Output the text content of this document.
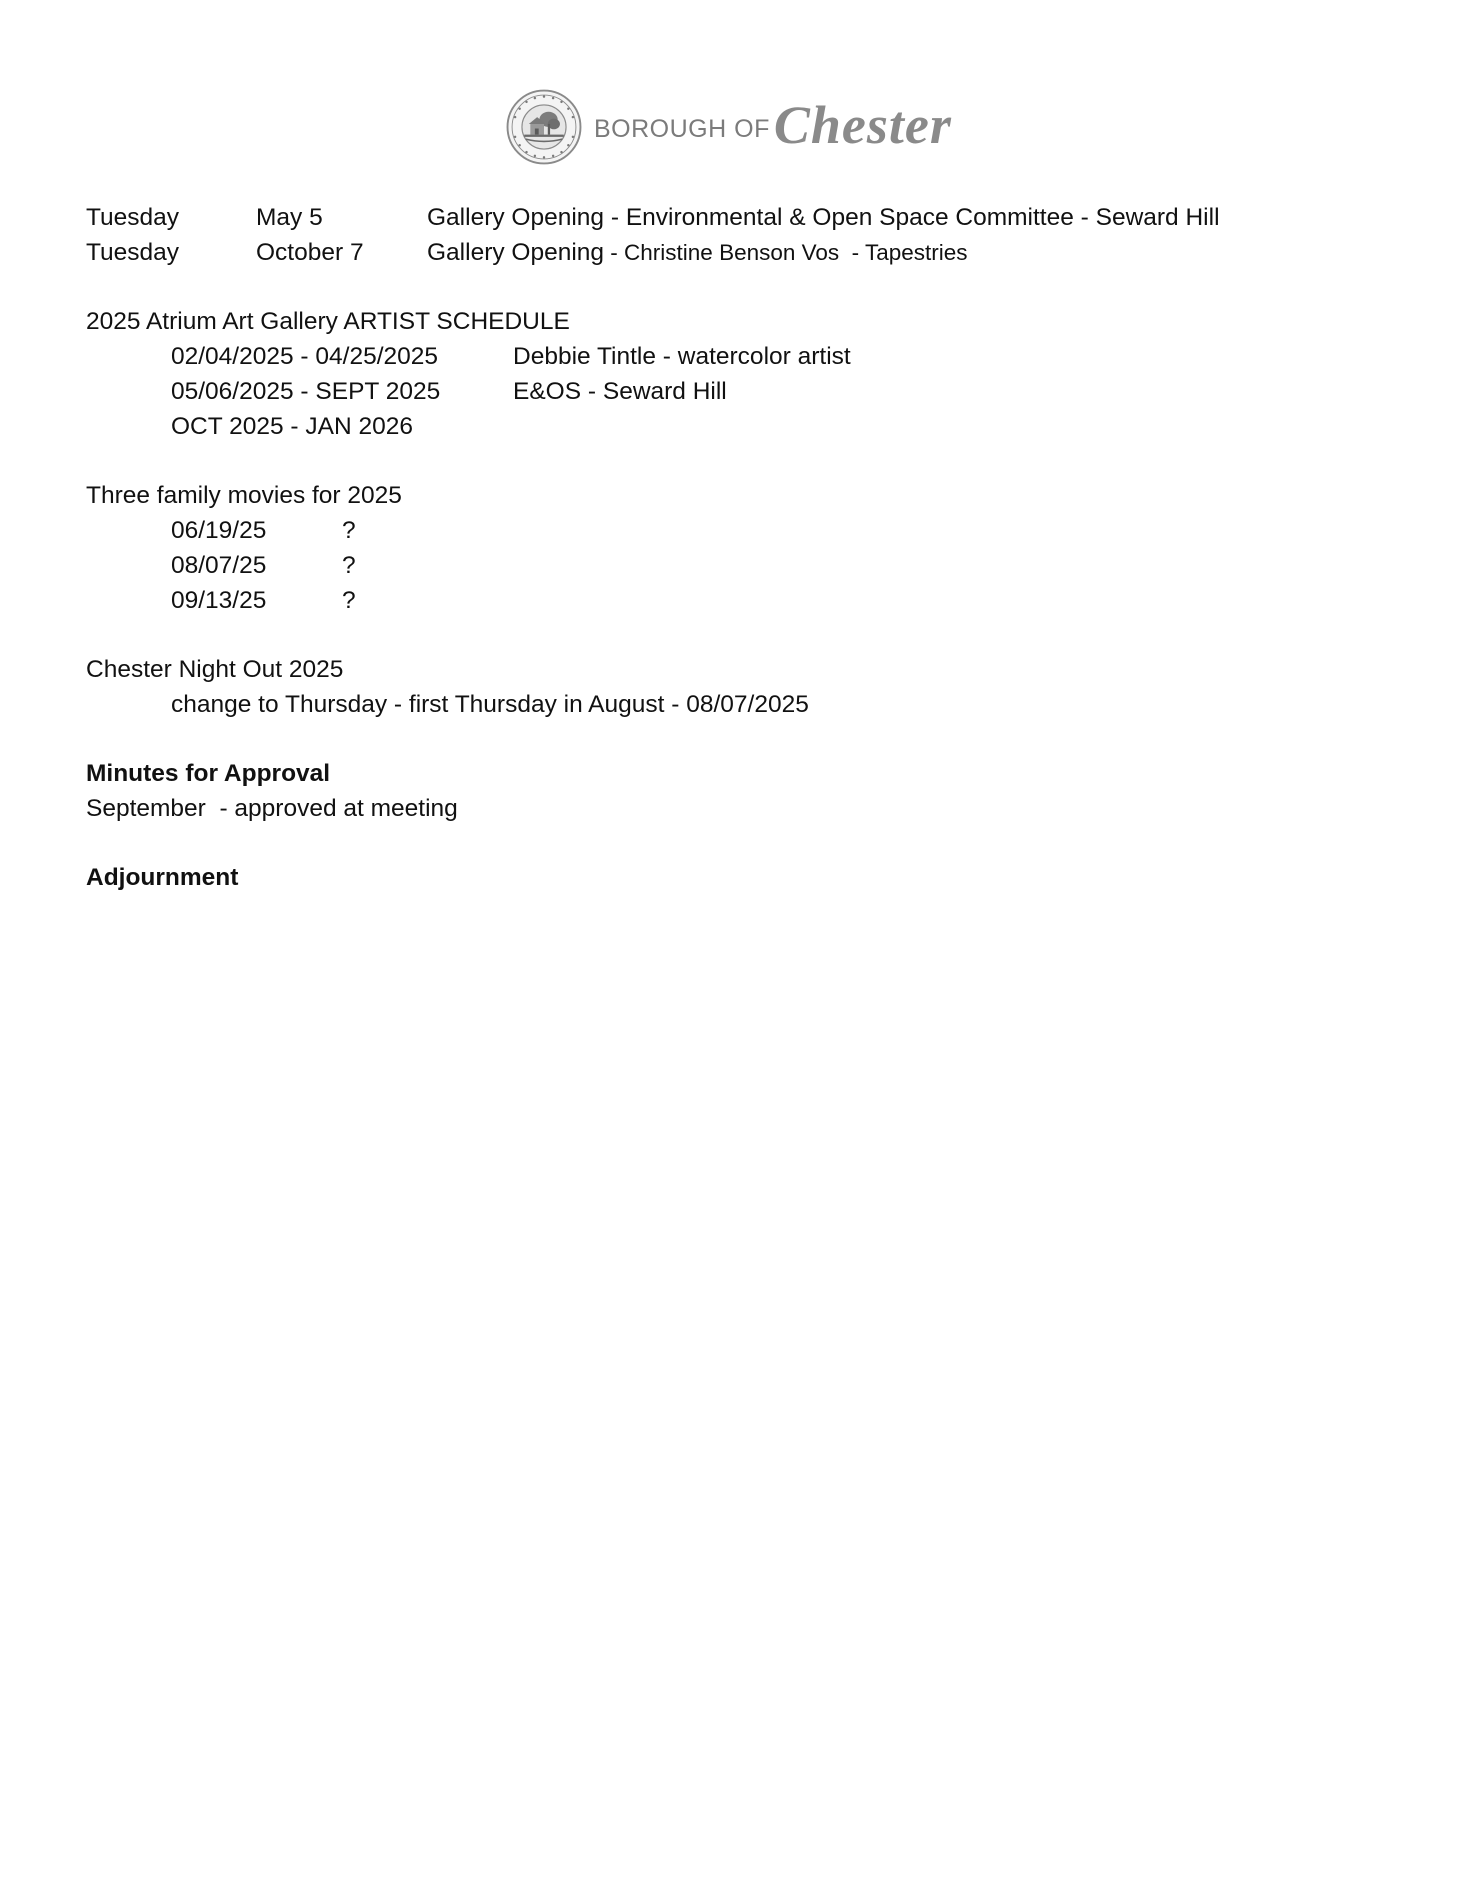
BOROUGH OF Chester
Tuesday	May 5	Gallery Opening - Environmental & Open Space Committee - Seward Hill
Tuesday	October 7	Gallery Opening - Christine Benson Vos  - Tapestries
2025 Atrium Art Gallery ARTIST SCHEDULE
02/04/2025 - 04/25/2025	Debbie Tintle - watercolor artist
05/06/2025 - SEPT 2025	E&OS - Seward Hill
OCT 2025 - JAN 2026
Three family movies for 2025
06/19/25	?
08/07/25	?
09/13/25	?
Chester Night Out 2025
change to Thursday - first Thursday in August - 08/07/2025
Minutes for Approval
September  - approved at meeting
Adjournment
